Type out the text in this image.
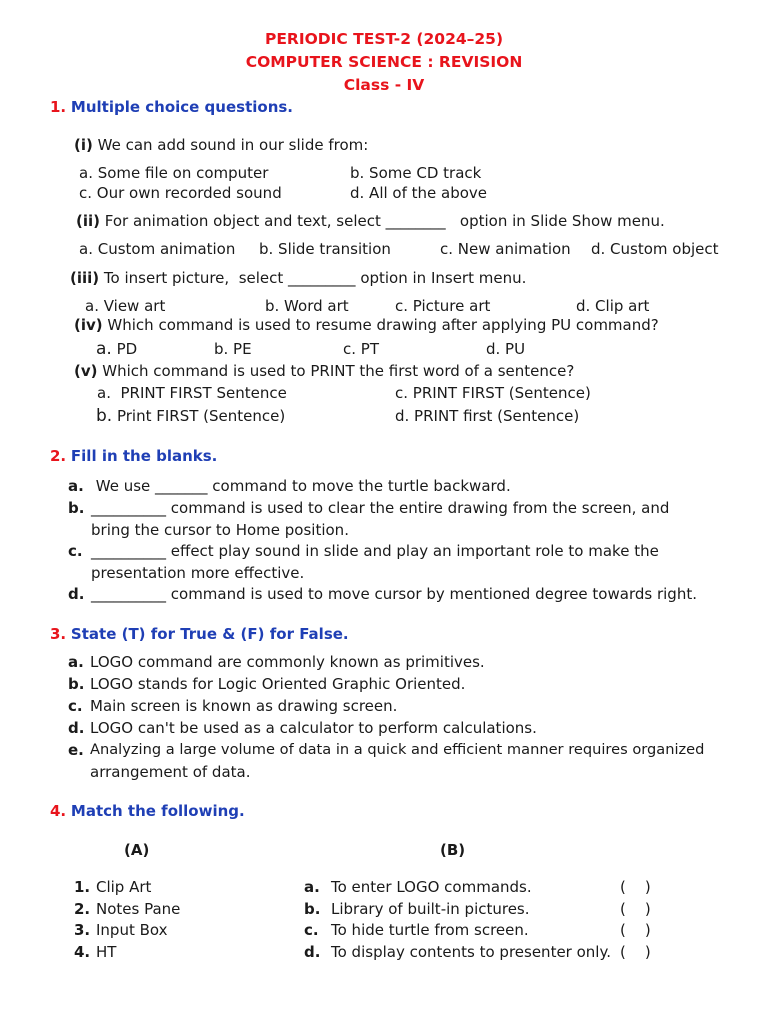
PERIODIC TEST-2 (2024–25)
COMPUTER SCIENCE : REVISION
Class - IV
1. Multiple choice questions.
(i) We can add sound in our slide from:
a. Some file on computer	b. Some CD track
c. Our own recorded sound	d. All of the above
(ii) For animation object and text, select ________   option in Slide Show menu.
a. Custom animation b. Slide transition	c. New animation d. Custom object
(iii) To insert picture,  select _________ option in Insert menu.
a. View art	b. Word art	c. Picture art	d. Clip art
(iv) Which command is used to resume drawing after applying PU command?
a. PD	b. PE	c. PT	d. PU
(v) Which command is used to PRINT the first word of a sentence?
a.  PRINT FIRST Sentence	c. PRINT FIRST (Sentence)
b. Print FIRST (Sentence)	d. PRINT first (Sentence)
2. Fill in the blanks.
a. We use _______ command to move the turtle backward.
b. __________ command is used to clear the entire drawing from the screen, and
bring the cursor to Home position.
c. __________ effect play sound in slide and play an important role to make the
presentation more effective.
d. __________ command is used to move cursor by mentioned degree towards right.
3. State (T) for True & (F) for False.
a. LOGO command are commonly known as primitives.
b. LOGO stands for Logic Oriented Graphic Oriented.
c. Main screen is known as drawing screen.
d. LOGO can't be used as a calculator to perform calculations.
e. Analyzing a large volume of data in a quick and efficient manner requires organized
arrangement of data.
4. Match the following.
(A)	(B)
1. Clip Art	a. To enter LOGO commands.	(    )
2. Notes Pane	b. Library of built-in pictures.	(    )
3. Input Box	c. To hide turtle from screen.	(    )
4. HT	d. To display contents to presenter only. (    )
